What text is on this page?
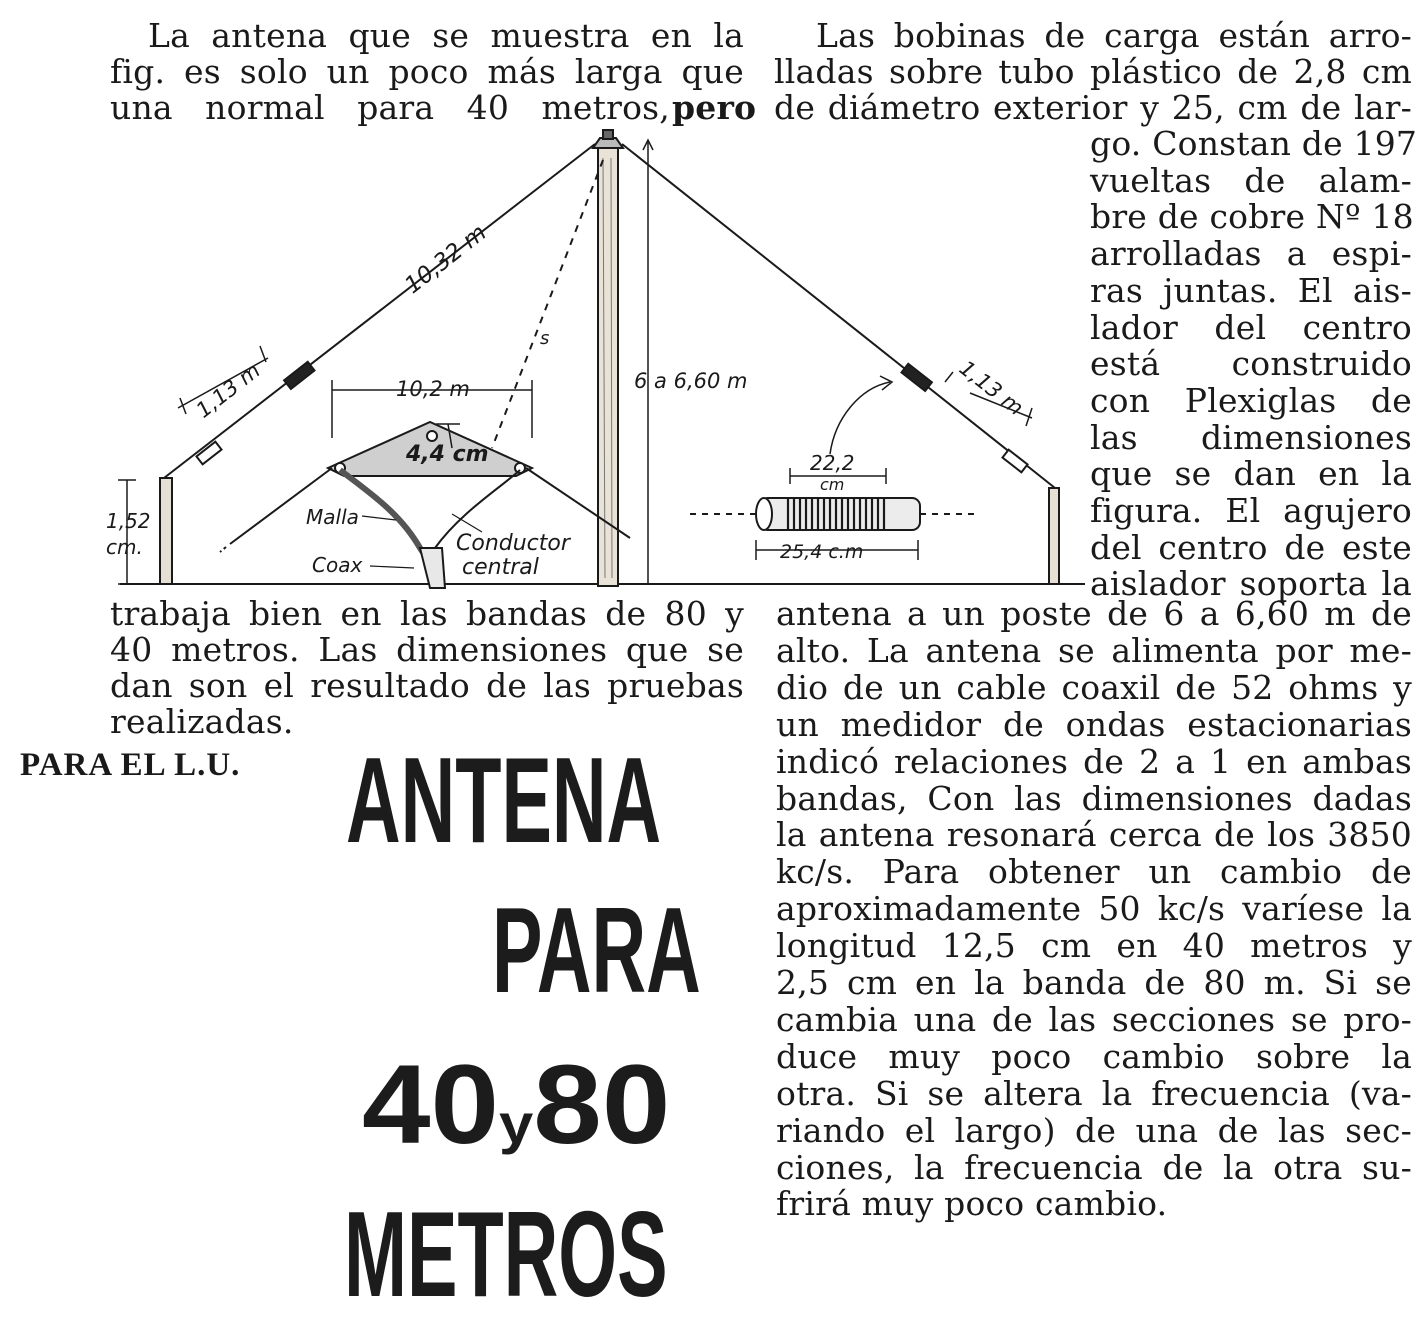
La antena que se muestra en la
fig. es solo un poco más larga que
una normal para 40 metros, pero
Las bobinas de carga están arro-
lladas sobre tubo plástico de 2,8 cm
de diámetro exterior y 25, cm de lar-
go. Constan de 197
vueltas de alam-
bre de cobre Nº 18
arrolladas a espi-
ras juntas. El ais-
lador del centro
está construido
con Plexiglas de
las dimensiones
que se dan en la
figura. El agujero
del centro de este
aislador soporta la
10,32 m
1,13 m	1,13 m
10,2 m
4,4 cm
6 a 6,60 m
1,52
cm.
Malla
Coax
Conductor
central
22,2
cm
25,4 c.m
s
trabaja bien en las bandas de 80 y
40 metros. Las dimensiones que se
dan son el resultado de las pruebas
realizadas.
antena a un poste de 6 a 6,60 m de
alto. La antena se alimenta por me-
dio de un cable coaxil de 52 ohms y
un medidor de ondas estacionarias
indicó relaciones de 2 a 1 en ambas
bandas, Con las dimensiones dadas
la antena resonará cerca de los 3850
kc/s. Para obtener un cambio de
aproximadamente 50 kc/s varíese la
longitud 12,5 cm en 40 metros y
2,5 cm en la banda de 80 m. Si se
cambia una de las secciones se pro-
duce muy poco cambio sobre la
otra. Si se altera la frecuencia (va-
riando el largo) de una de las sec-
ciones, la frecuencia de la otra su-
frirá muy poco cambio.
PARA EL L.U. ANTENA
PARA
40y80
METROS
